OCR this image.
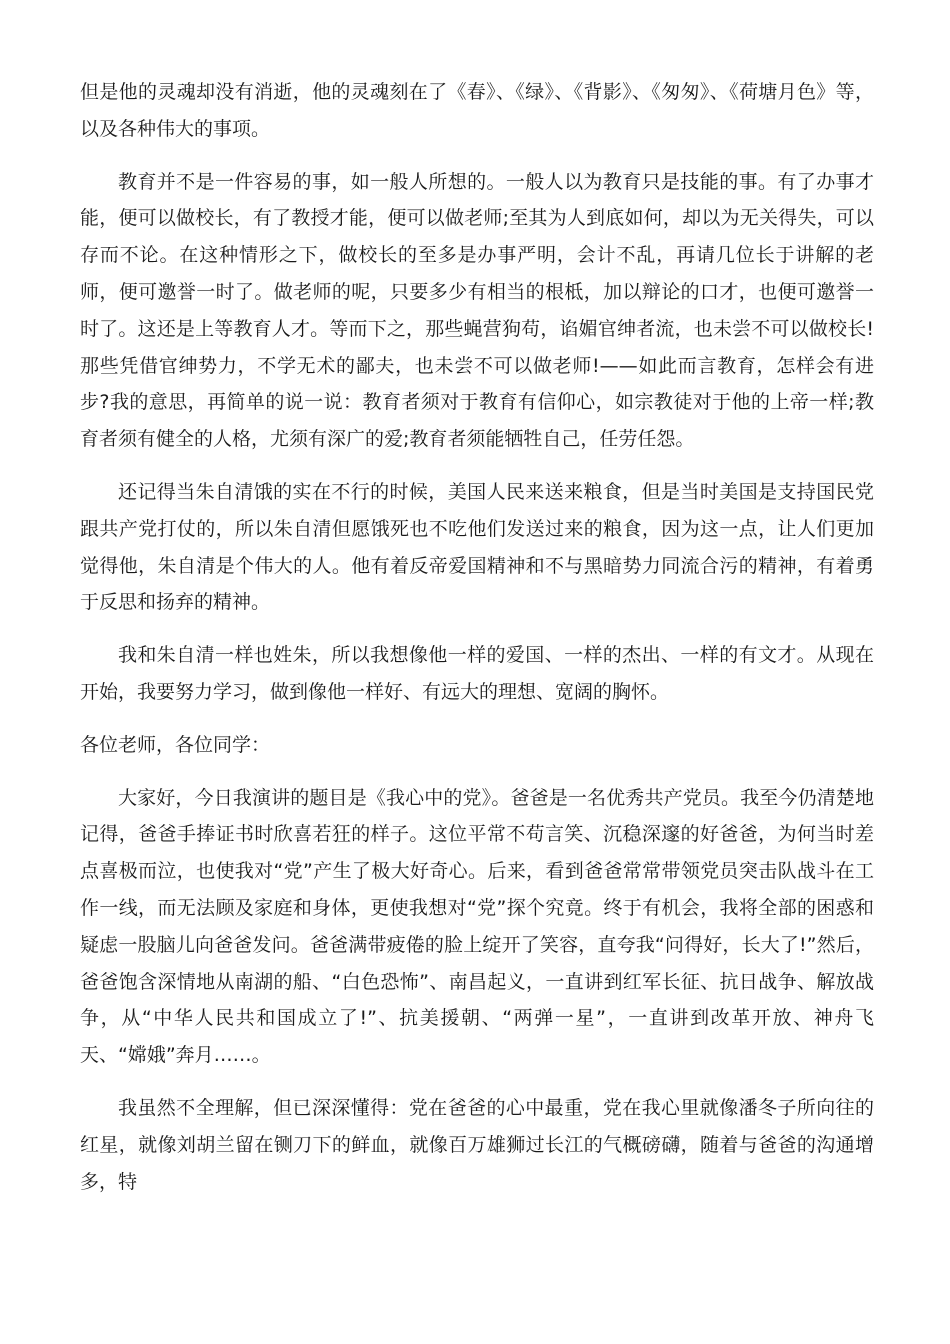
但是他的灵魂却没有消逝，他的灵魂刻在了《春》、《绿》、《背影》、《匆匆》、《荷塘月色》等，以及各种伟大的事项。

教育并不是一件容易的事，如一般人所想的。一般人以为教育只是技能的事。有了办事才能，便可以做校长，有了教授才能，便可以做老师;至其为人到底如何，却以为无关得失，可以存而不论。在这种情形之下，做校长的至多是办事严明，会计不乱，再请几位长于讲解的老师，便可邀誉一时了。做老师的呢，只要多少有相当的根柢，加以辩论的口才，也便可邀誉一时了。这还是上等教育人才。等而下之，那些蝇营狗苟，谄媚官绅者流，也未尝不可以做校长!那些凭借官绅势力，不学无术的鄙夫，也未尝不可以做老师!——如此而言教育，怎样会有进步?我的意思，再简单的说一说：教育者须对于教育有信仰心，如宗教徒对于他的上帝一样;教育者须有健全的人格，尤须有深广的爱;教育者须能牺牲自己，任劳任怨。

还记得当朱自清饿的实在不行的时候，美国人民来送来粮食，但是当时美国是支持国民党跟共产党打仗的，所以朱自清但愿饿死也不吃他们发送过来的粮食，因为这一点，让人们更加觉得他，朱自清是个伟大的人。他有着反帝爱国精神和不与黑暗势力同流合污的精神，有着勇于反思和扬弃的精神。

我和朱自清一样也姓朱，所以我想像他一样的爱国、一样的杰出、一样的有文才。从现在开始，我要努力学习，做到像他一样好、有远大的理想、宽阔的胸怀。

各位老师，各位同学：

大家好，今日我演讲的题目是《我心中的党》。爸爸是一名优秀共产党员。我至今仍清楚地记得，爸爸手捧证书时欣喜若狂的样子。这位平常不苟言笑、沉稳深邃的好爸爸，为何当时差点喜极而泣，也使我对“党”产生了极大好奇心。后来，看到爸爸常常带领党员突击队战斗在工作一线，而无法顾及家庭和身体，更使我想对“党”探个究竟。终于有机会，我将全部的困惑和疑虑一股脑儿向爸爸发问。爸爸满带疲倦的脸上绽开了笑容，直夸我“问得好，长大了!”然后，爸爸饱含深情地从南湖的船、“白色恐怖”、南昌起义，一直讲到红军长征、抗日战争、解放战争，从“中华人民共和国成立了!”、抗美援朝、“两弹一星”，一直讲到改革开放、神舟飞天、“嫦娥”奔月……。

我虽然不全理解，但已深深懂得：党在爸爸的心中最重，党在我心里就像潘冬子所向往的红星，就像刘胡兰留在铡刀下的鲜血，就像百万雄狮过长江的气概磅礴，随着与爸爸的沟通增多，特
